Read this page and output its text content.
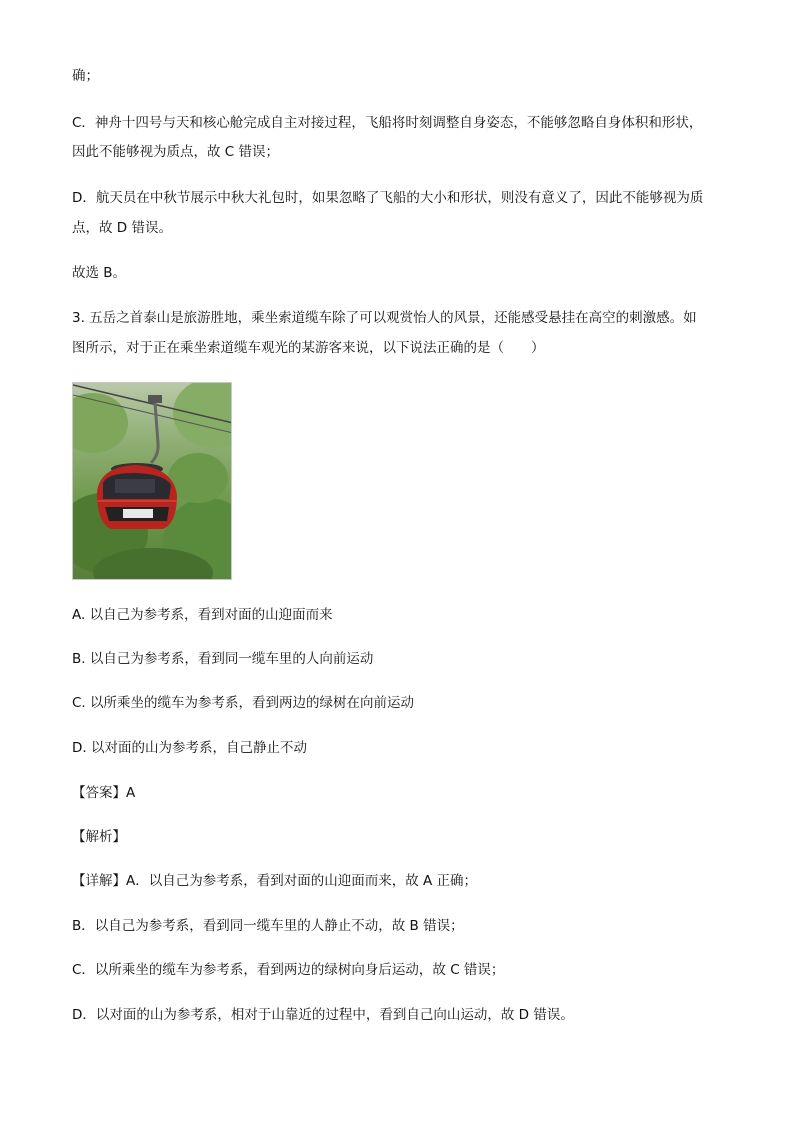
确；
C．神舟十四号与天和核心舱完成自主对接过程，飞船将时刻调整自身姿态，不能够忽略自身体积和形状，
因此不能够视为质点，故 C 错误；
D．航天员在中秋节展示中秋大礼包时，如果忽略了飞船的大小和形状，则没有意义了，因此不能够视为质
点，故 D 错误。
故选 B。
3. 五岳之首泰山是旅游胜地，乘坐索道缆车除了可以观赏怡人的风景，还能感受悬挂在高空的刺激感。如
图所示，对于正在乘坐索道缆车观光的某游客来说，以下说法正确的是（　　）
A. 以自己为参考系，看到对面的山迎面而来
B. 以自己为参考系，看到同一缆车里的人向前运动
C. 以所乘坐的缆车为参考系，看到两边的绿树在向前运动
D. 以对面的山为参考系，自己静止不动
【答案】A
【解析】
【详解】A．以自己为参考系，看到对面的山迎面而来，故 A 正确；
B．以自己为参考系，看到同一缆车里的人静止不动，故 B 错误；
C．以所乘坐的缆车为参考系，看到两边的绿树向身后运动，故 C 错误；
D．以对面的山为参考系，相对于山靠近的过程中，看到自己向山运动，故 D 错误。
